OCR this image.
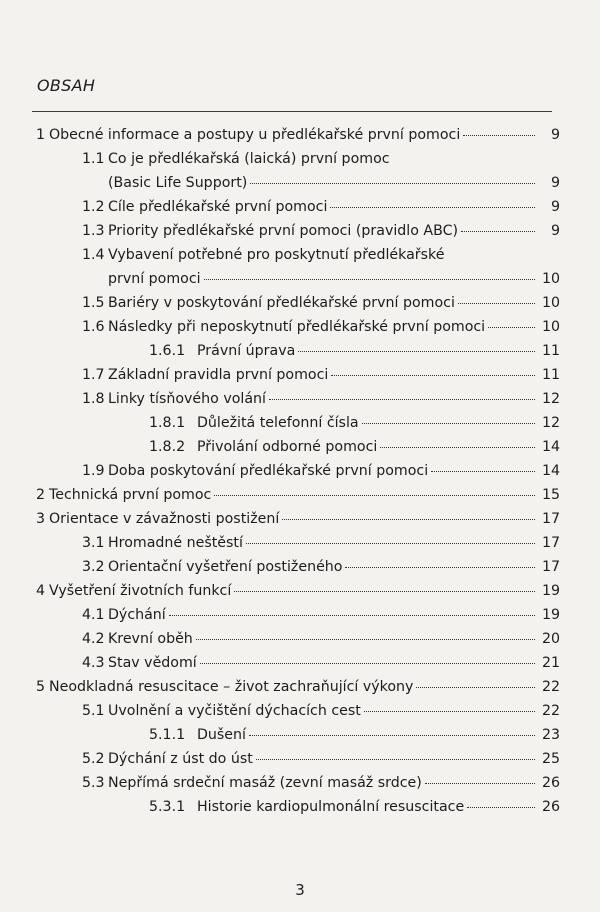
OBSAH
1 Obecné informace a postupy u předlékařské první pomoci	9
1.1 Co je předlékařská (laická) první pomoc
(Basic Life Support)	9
1.2 Cíle předlékařské první pomoci	9
1.3 Priority předlékařské první pomoci (pravidlo ABC)	9
1.4 Vybavení potřebné pro poskytnutí předlékařské
první pomoci	10
1.5 Bariéry v poskytování předlékařské první pomoci	10
1.6 Následky při neposkytnutí předlékařské první pomoci	10
1.6.1 Právní úprava	11
1.7 Základní pravidla první pomoci	11
1.8 Linky tísňového volání	12
1.8.1 Důležitá telefonní čísla	12
1.8.2 Přivolání odborné pomoci	14
1.9 Doba poskytování předlékařské první pomoci	14
2 Technická první pomoc	15
3 Orientace v závažnosti postižení	17
3.1 Hromadné neštěstí	17
3.2 Orientační vyšetření postiženého	17
4 Vyšetření životních funkcí	19
4.1 Dýchání	19
4.2 Krevní oběh	20
4.3 Stav vědomí	21
5 Neodkladná resuscitace – život zachraňující výkony	22
5.1 Uvolnění a vyčištění dýchacích cest	22
5.1.1 Dušení	23
5.2 Dýchání z úst do úst	25
5.3 Nepřímá srdeční masáž (zevní masáž srdce)	26
5.3.1 Historie kardiopulmonální resuscitace	26
3
